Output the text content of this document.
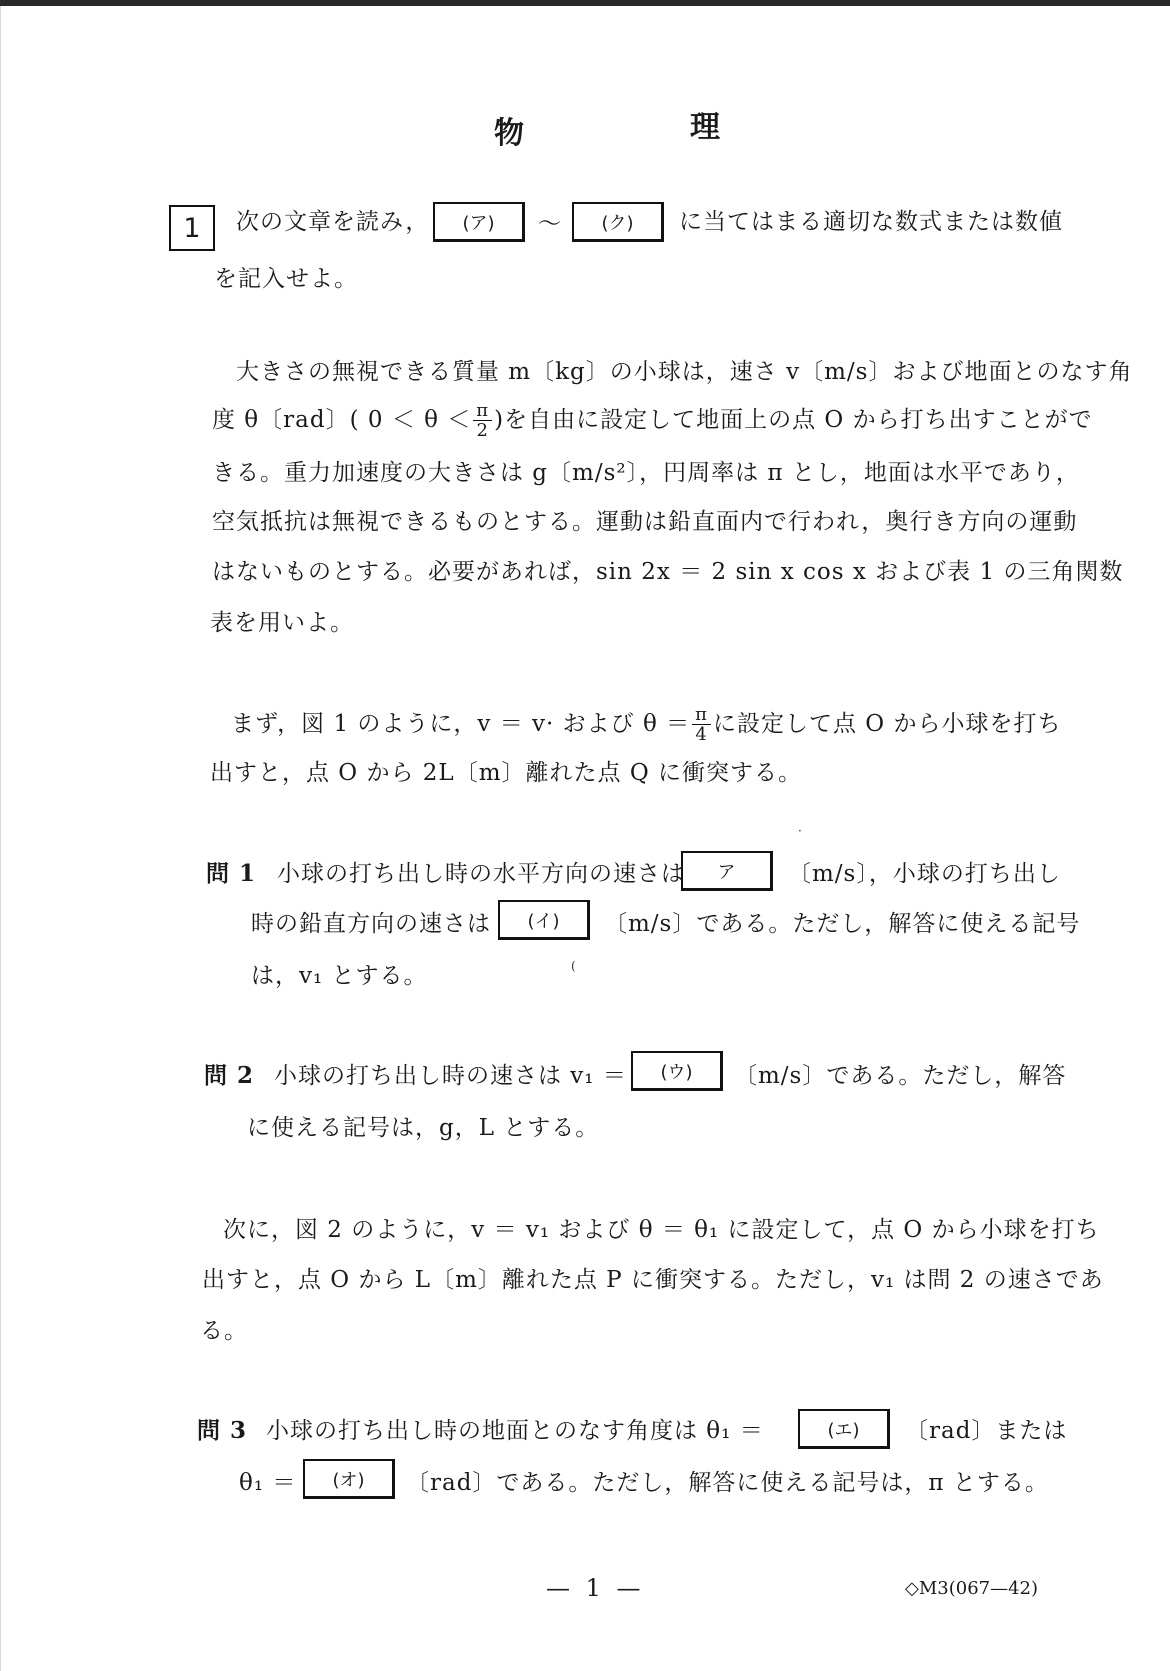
物	理
1 次の文章を読み， (ア) ～ (ク) に当てはまる適切な数式または数値
を記入せよ。
大きさの無視できる質量 m〔kg〕の小球は，速さ v〔m/s〕および地面とのなす角
度 θ〔rad〕( $0 < \theta < \frac{\pi}{2}$ )を自由に設定して地面上の点 O から打ち出すことがで
きる。重力加速度の大きさは g〔m/s²〕，円周率は π とし，地面は水平であり，
空気抵抗は無視できるものとする。運動は鉛直面内で行われ，奥行き方向の運動
はないものとする。必要があれば，sin 2x ＝ 2 sin x cos x および表 1 の三角関数
表を用いよ。
まず，図 1 のように，v ＝ v· および $\theta = \frac{\pi}{4}$ に設定して点 O から小球を打ち
出すと，点 O から 2L〔m〕離れた点 Q に衝突する。
·
問 1 小球の打ち出し時の水平方向の速さは ア 〔m/s〕，小球の打ち出し
時の鉛直方向の速さは (イ) 〔m/s〕である。ただし，解答に使える記号
は，v₁ とする。	(
問 2 小球の打ち出し時の速さは v₁ ＝ (ウ) 〔m/s〕である。ただし，解答
に使える記号は，g，L とする。
次に，図 2 のように，v ＝ v₁ および θ ＝ θ₁ に設定して，点 O から小球を打ち
出すと，点 O から L〔m〕離れた点 P に衝突する。ただし，v₁ は問 2 の速さであ
る。
問 3 小球の打ち出し時の地面とのなす角度は θ₁ ＝	(エ) 〔rad〕または
θ₁ ＝ (オ) 〔rad〕である。ただし，解答に使える記号は，π とする。
— 1 —	◇M3(067—42)
